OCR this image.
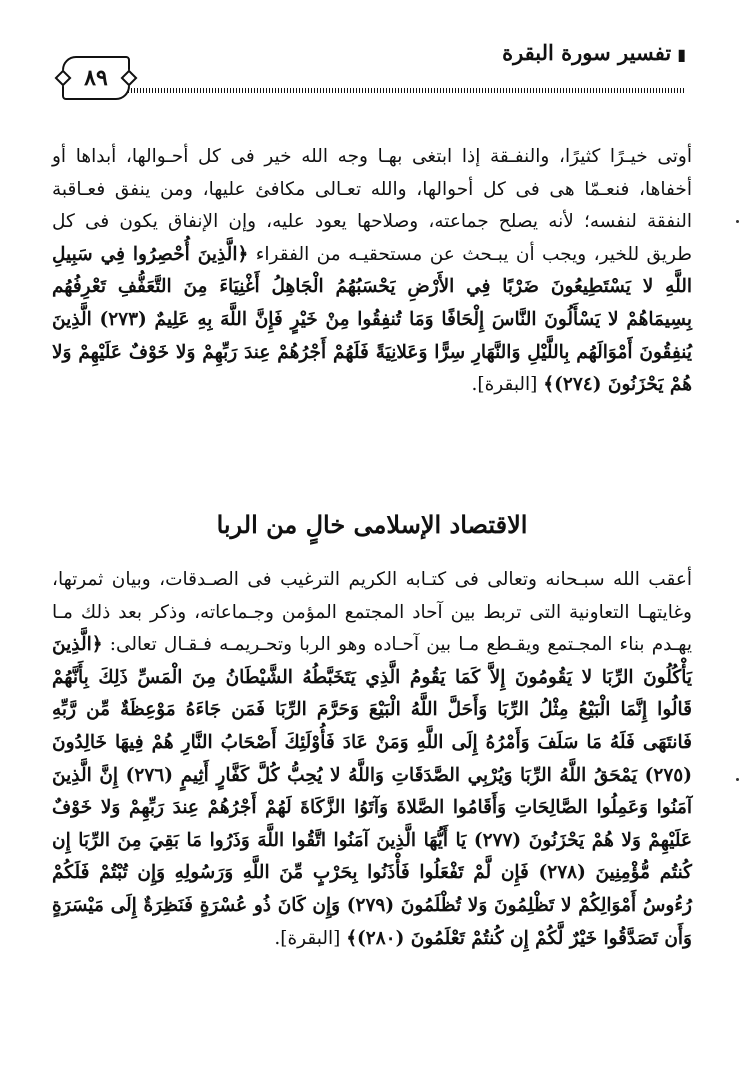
▮تفسير سورة البقرة
٨٩

أوتى خيـرًا كثيرًا، والنفـقة إذا ابتغى بهـا وجه الله خير فى كل أحـوالها، أبداها أو أخفاها، فنعـمّا هى فى كل أحوالها، والله تعـالى مكافئ عليها، ومن ينفق فعـاقبة النفقة لنفسه؛ لأنه يصلح جماعته، وصلاحها يعود عليه، وإن الإنفاق يكون فى كل طريق للخير، ويجب أن يبـحث عن مستحقيـه من الفقراء ﴿الَّذِينَ أُحْصِرُوا فِي سَبِيلِ اللَّهِ لا يَسْتَطِيعُونَ ضَرْبًا فِي الأَرْضِ يَحْسَبُهُمُ الْجَاهِلُ أَغْنِيَاءَ مِنَ التَّعَفُّفِ تَعْرِفُهُم بِسِيمَاهُمْ لا يَسْأَلُونَ النَّاسَ إِلْحَافًا وَمَا تُنفِقُوا مِنْ خَيْرٍ فَإِنَّ اللَّهَ بِهِ عَلِيمٌ (٢٧٣) الَّذِينَ يُنفِقُونَ أَمْوَالَهُم بِاللَّيْلِ وَالنَّهَارِ سِرًّا وَعَلانِيَةً فَلَهُمْ أَجْرُهُمْ عِندَ رَبِّهِمْ وَلا خَوْفٌ عَلَيْهِمْ وَلا هُمْ يَحْزَنُونَ (٢٧٤)﴾ [البقرة].

الاقتصاد الإسلامى خالٍ من الربا

أعقب الله سبـحانه وتعالى فى كتـابه الكريم الترغيب فى الصـدقات، وبيان ثمرتها، وغايتهـا التعاونية التى تربط بين آحاد المجتمع المؤمن وجـماعاته، وذكر بعد ذلك مـا يهـدم بناء المجـتمع ويقـطع مـا بين آحـاده وهو الربا وتحـريمـه فـقـال تعالى: ﴿الَّذِينَ يَأْكُلُونَ الرِّبَا لا يَقُومُونَ إِلاَّ كَمَا يَقُومُ الَّذِي يَتَخَبَّطُهُ الشَّيْطَانُ مِنَ الْمَسِّ ذَلِكَ بِأَنَّهُمْ قَالُوا إِنَّمَا الْبَيْعُ مِثْلُ الرِّبَا وَأَحَلَّ اللَّهُ الْبَيْعَ وَحَرَّمَ الرِّبَا فَمَن جَاءَهُ مَوْعِظَةٌ مِّن رَّبِّهِ فَانتَهَى فَلَهُ مَا سَلَفَ وَأَمْرُهُ إِلَى اللَّهِ وَمَنْ عَادَ فَأُوْلَئِكَ أَصْحَابُ النَّارِ هُمْ فِيهَا خَالِدُونَ (٢٧٥) يَمْحَقُ اللَّهُ الرِّبَا وَيُرْبِي الصَّدَقَاتِ وَاللَّهُ لا يُحِبُّ كُلَّ كَفَّارٍ أَثِيمٍ (٢٧٦) إِنَّ الَّذِينَ آمَنُوا وَعَمِلُوا الصَّالِحَاتِ وَأَقَامُوا الصَّلاةَ وَآتَوُا الزَّكَاةَ لَهُمْ أَجْرُهُمْ عِندَ رَبِّهِمْ وَلا خَوْفٌ عَلَيْهِمْ وَلا هُمْ يَحْزَنُونَ (٢٧٧) يَا أَيُّهَا الَّذِينَ آمَنُوا اتَّقُوا اللَّهَ وَذَرُوا مَا بَقِيَ مِنَ الرِّبَا إِن كُنتُم مُّؤْمِنِينَ (٢٧٨) فَإِن لَّمْ تَفْعَلُوا فَأْذَنُوا بِحَرْبٍ مِّنَ اللَّهِ وَرَسُولِهِ وَإِن تُبْتُمْ فَلَكُمْ رُءُوسُ أَمْوَالِكُمْ لا تَظْلِمُونَ وَلا تُظْلَمُونَ (٢٧٩) وَإِن كَانَ ذُو عُسْرَةٍ فَنَظِرَةٌ إِلَى مَيْسَرَةٍ وَأَن تَصَدَّقُوا خَيْرٌ لَّكُمْ إِن كُنتُمْ تَعْلَمُونَ (٢٨٠)﴾ [البقرة].
